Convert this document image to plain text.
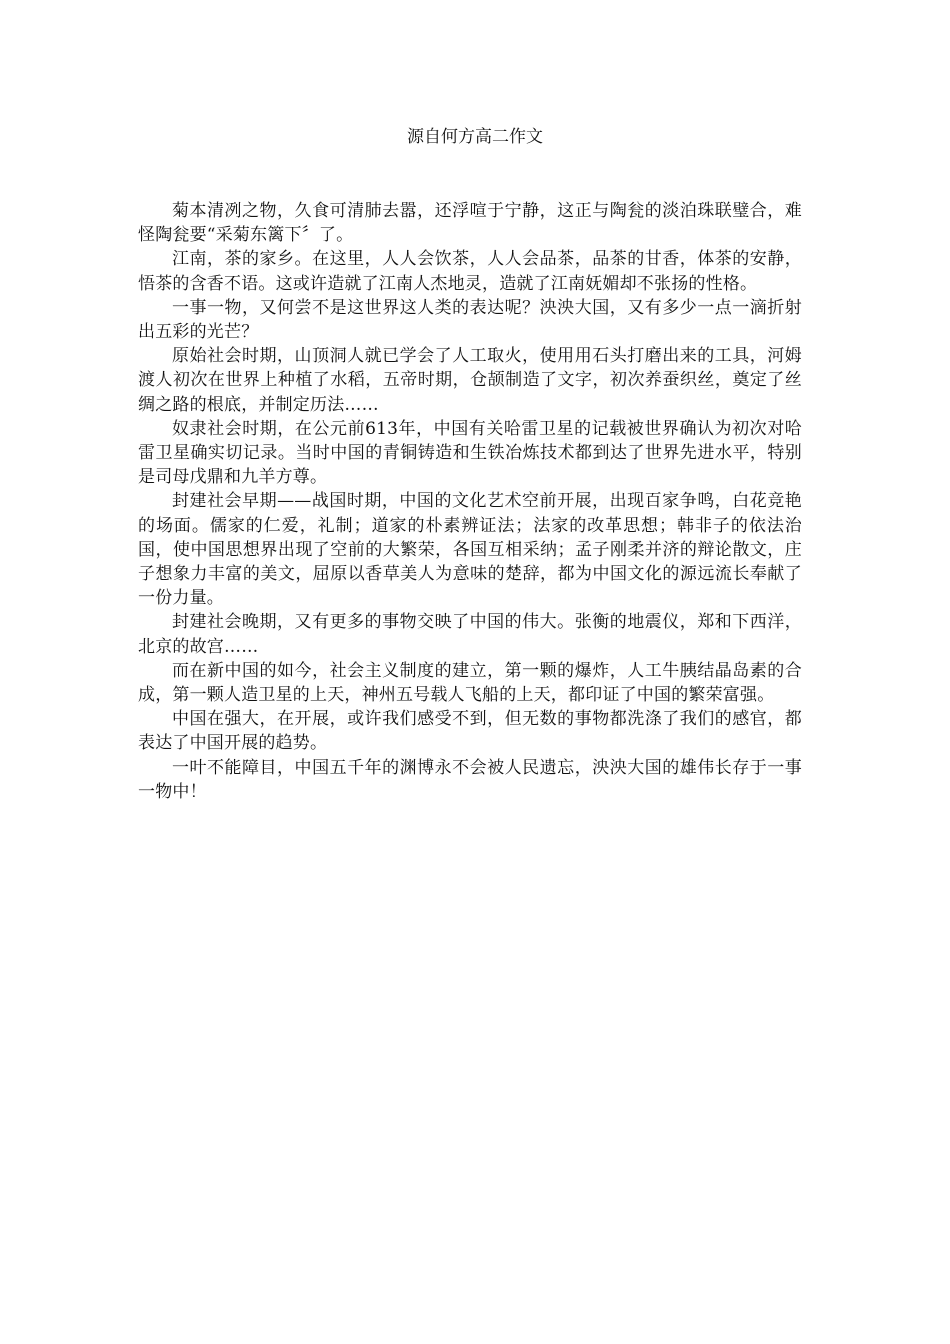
源自何方高二作文

菊本清冽之物，久食可清肺去嚣，还浮喧于宁静，这正与陶瓮的淡泊珠联璧合，难怪陶瓮要“采菊东篱下〞了。

江南，茶的家乡。在这里，人人会饮茶，人人会品茶，品茶的甘香，体茶的安静，悟茶的含香不语。这或许造就了江南人杰地灵，造就了江南妩媚却不张扬的性格。

一事一物，又何尝不是这世界这人类的表达呢？泱泱大国，又有多少一点一滴折射出五彩的光芒？

原始社会时期，山顶洞人就已学会了人工取火，使用用石头打磨出来的工具，河姆渡人初次在世界上种植了水稻，五帝时期，仓颉制造了文字，初次养蚕织丝，奠定了丝绸之路的根底，并制定历法……

奴隶社会时期，在公元前613年，中国有关哈雷卫星的记载被世界确认为初次对哈雷卫星确实切记录。当时中国的青铜铸造和生铁冶炼技术都到达了世界先进水平，特别是司母戊鼎和九羊方尊。

封建社会早期——战国时期，中国的文化艺术空前开展，出现百家争鸣，白花竞艳的场面。儒家的仁爱，礼制；道家的朴素辨证法；法家的改革思想；韩非子的依法治国，使中国思想界出现了空前的大繁荣，各国互相采纳；孟子刚柔并济的辩论散文，庄子想象力丰富的美文，屈原以香草美人为意味的楚辞，都为中国文化的源远流长奉献了一份力量。

封建社会晚期，又有更多的事物交映了中国的伟大。张衡的地震仪，郑和下西洋，北京的故宫……

而在新中国的如今，社会主义制度的建立，第一颗的爆炸，人工牛胰结晶岛素的合成，第一颗人造卫星的上天，神州五号载人飞船的上天，都印证了中国的繁荣富强。

中国在强大，在开展，或许我们感受不到，但无数的事物都洗涤了我们的感官，都表达了中国开展的趋势。

一叶不能障目，中国五千年的渊博永不会被人民遗忘，泱泱大国的雄伟长存于一事一物中！
